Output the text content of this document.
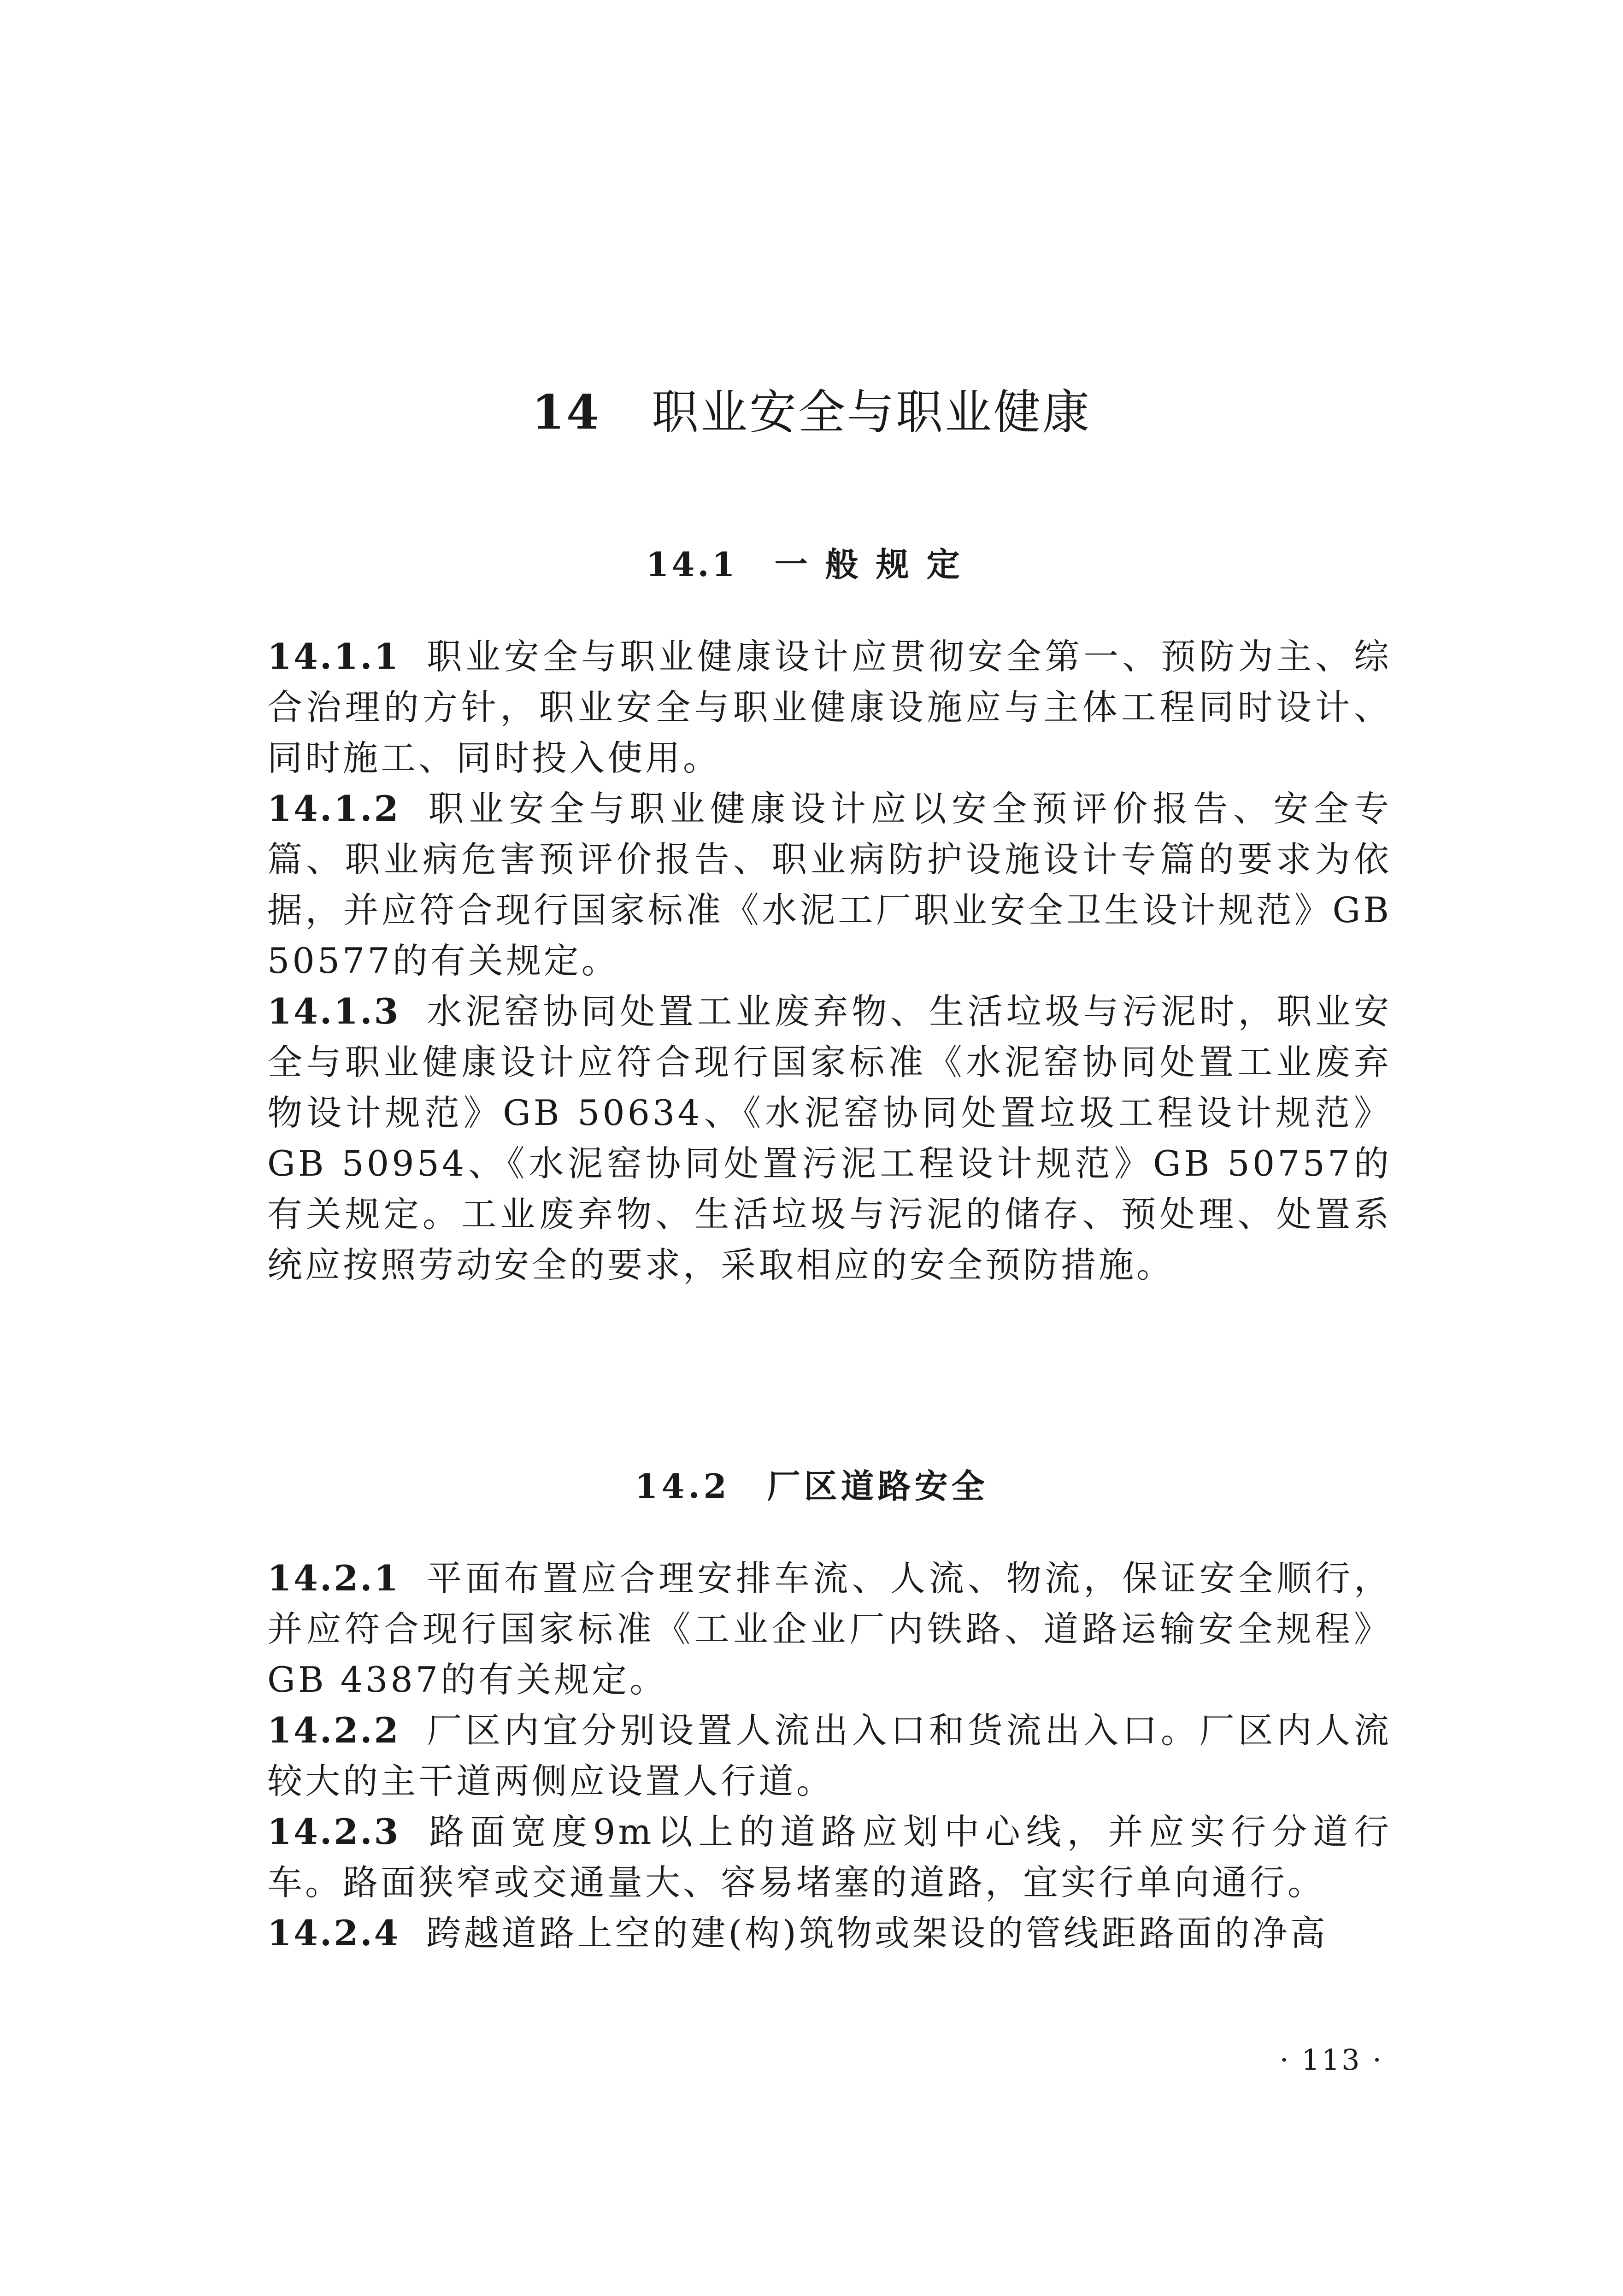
14 职业安全与职业健康
14.1 一般规定

14.1.1 职业安全与职业健康设计应贯彻安全第一、预防为主、综合治理的方针，职业安全与职业健康设施应与主体工程同时设计、同时施工、同时投入使用。

14.1.2 职业安全与职业健康设计应以安全预评价报告、安全专篇、职业病危害预评价报告、职业病防护设施设计专篇的要求为依据，并应符合现行国家标准《水泥工厂职业安全卫生设计规范》GB 50577的有关规定。

14.1.3 水泥窑协同处置工业废弃物、生活垃圾与污泥时，职业安全与职业健康设计应符合现行国家标准《水泥窑协同处置工业废弃物设计规范》GB 50634、《水泥窑协同处置垃圾工程设计规范》GB 50954、《水泥窑协同处置污泥工程设计规范》GB 50757的有关规定。工业废弃物、生活垃圾与污泥的储存、预处理、处置系统应按照劳动安全的要求，采取相应的安全预防措施。

14.2 厂区道路安全

14.2.1 平面布置应合理安排车流、人流、物流，保证安全顺行，并应符合现行国家标准《工业企业厂内铁路、道路运输安全规程》GB 4387的有关规定。

14.2.2 厂区内宜分别设置人流出入口和货流出入口。厂区内人流较大的主干道两侧应设置人行道。

14.2.3 路面宽度9m以上的道路应划中心线，并应实行分道行车。路面狭窄或交通量大、容易堵塞的道路，宜实行单向通行。

14.2.4 跨越道路上空的建(构)筑物或架设的管线距路面的净高

· 113 ·
